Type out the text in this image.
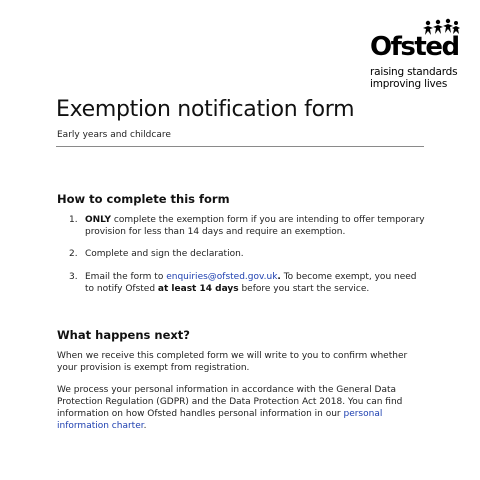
Ofsted
raising standards
improving lives
Exemption notification form
Early years and childcare
How to complete this form
1. ONLY complete the exemption form if you are intending to offer temporary provision for less than 14 days and require an exemption.
2. Complete and sign the declaration.
3. Email the form to enquiries@ofsted.gov.uk. To become exempt, you need to notify Ofsted at least 14 days before you start the service.
What happens next?

When we receive this completed form we will write to you to confirm whether your provision is exempt from registration.

We process your personal information in accordance with the General Data Protection Regulation (GDPR) and the Data Protection Act 2018. You can find information on how Ofsted handles personal information in our personal information charter.
